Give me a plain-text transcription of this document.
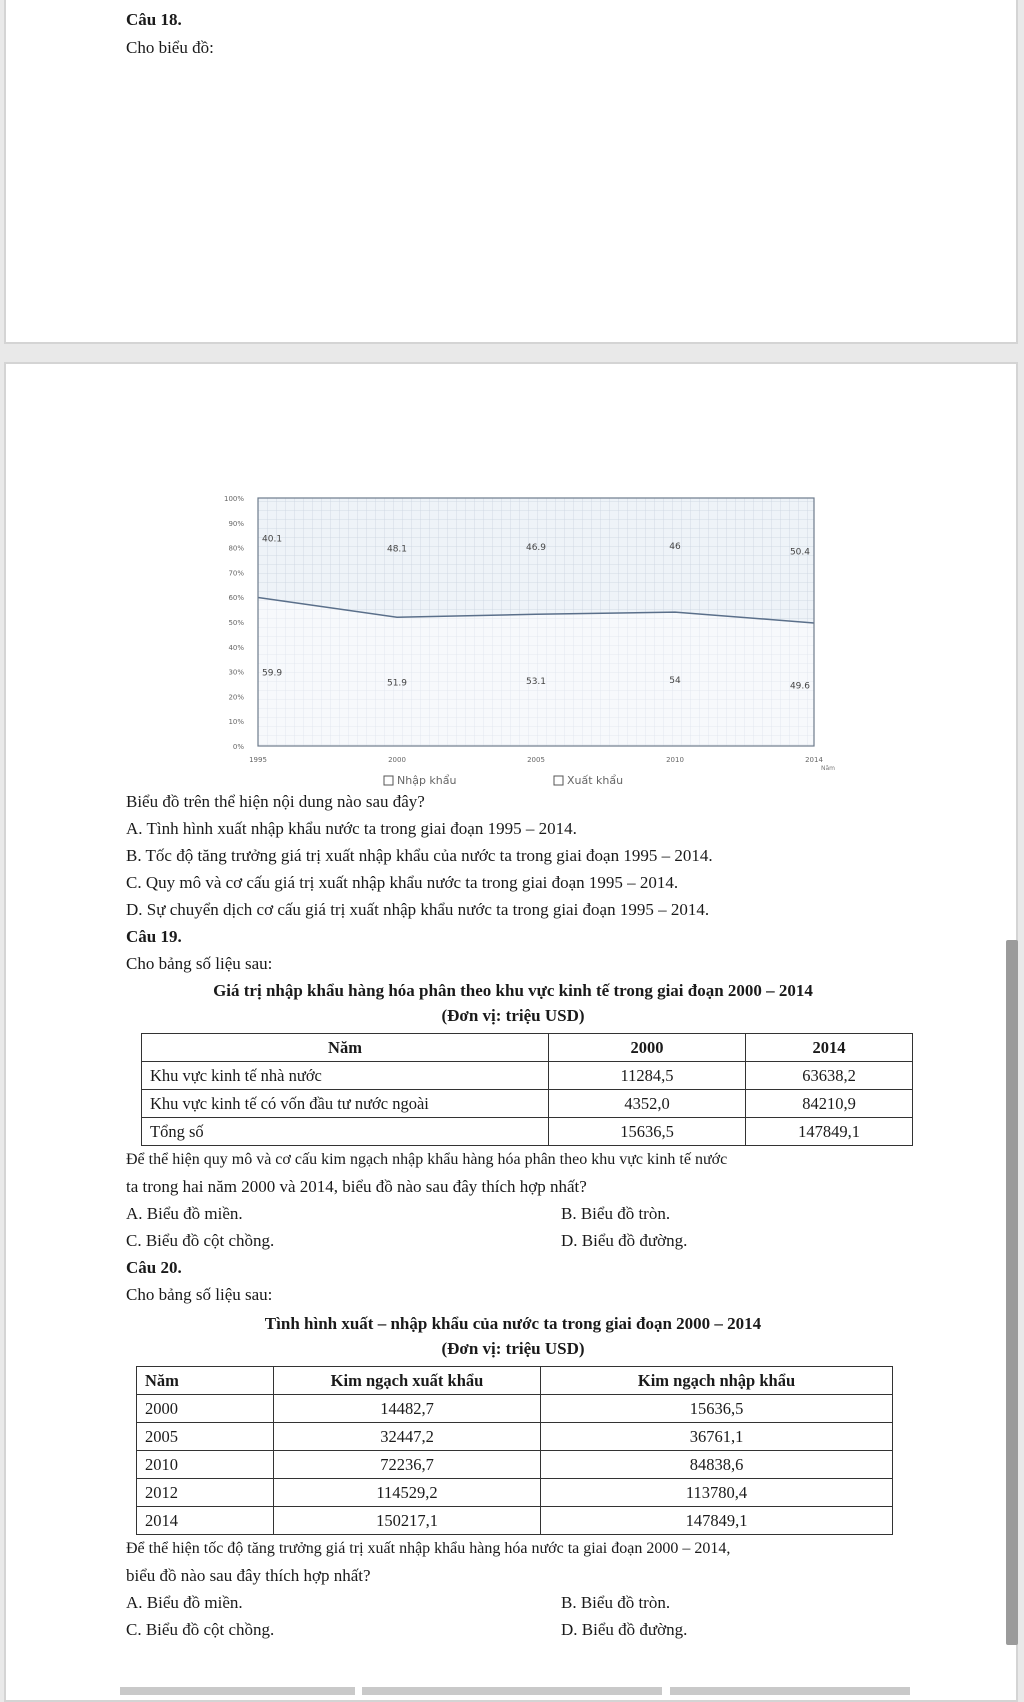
Câu 18.
Cho biểu đồ:
0%
10%
20%
30%
40%
50%
60%
70%
80%
90%
100%
1995	2000	2005	2010	2014
Năm
59.9
51.9	53.1	54
49.6
40.1
48.1	46.9	46
50.4
Nhập khẩu	Xuất khẩu
Biểu đồ trên thể hiện nội dung nào sau đây?
A. Tình hình xuất nhập khẩu nước ta trong giai đoạn 1995 – 2014.
B. Tốc độ tăng trưởng giá trị xuất nhập khẩu của nước ta trong giai đoạn 1995 – 2014.
C. Quy mô và cơ cấu giá trị xuất nhập khẩu nước ta trong giai đoạn 1995 – 2014.
D. Sự chuyển dịch cơ cấu giá trị xuất nhập khẩu nước ta trong giai đoạn 1995 – 2014.
Câu 19.
Cho bảng số liệu sau:
Giá trị nhập khẩu hàng hóa phân theo khu vực kinh tế trong giai đoạn 2000 – 2014
(Đơn vị: triệu USD)
Năm	2000	2014
Khu vực kinh tế nhà nước	11284,5	63638,2
Khu vực kinh tế có vốn đầu tư nước ngoài	4352,0	84210,9
Tổng số	15636,5	147849,1
Để thể hiện quy mô và cơ cấu kim ngạch nhập khẩu hàng hóa phân theo khu vực kinh tế nước
ta trong hai năm 2000 và 2014, biểu đồ nào sau đây thích hợp nhất?
A. Biểu đồ miền.	B. Biểu đồ tròn.
C. Biểu đồ cột chồng.	D. Biểu đồ đường.
Câu 20.
Cho bảng số liệu sau:
Tình hình xuất – nhập khẩu của nước ta trong giai đoạn 2000 – 2014
(Đơn vị: triệu USD)
Năm	Kim ngạch xuất khẩu	Kim ngạch nhập khẩu
2000	14482,7	15636,5
2005	32447,2	36761,1
2010	72236,7	84838,6
2012	114529,2	113780,4
2014	150217,1	147849,1
Để thể hiện tốc độ tăng trưởng giá trị xuất nhập khẩu hàng hóa nước ta giai đoạn 2000 – 2014,
biểu đồ nào sau đây thích hợp nhất?
A. Biểu đồ miền.	B. Biểu đồ tròn.
C. Biểu đồ cột chồng.	D. Biểu đồ đường.
